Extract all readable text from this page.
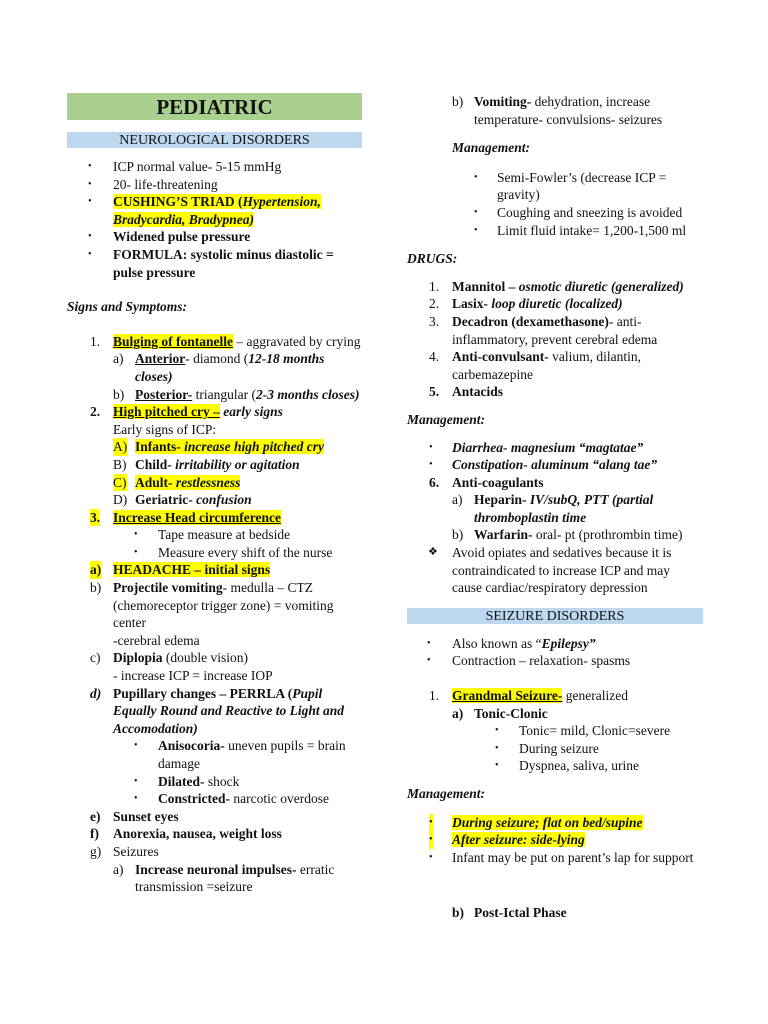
PEDIATRIC
NEUROLOGICAL DISORDERS
• ICP normal value- 5-15 mmHg
• 20- life-threatening
• CUSHING’S TRIAD (Hypertension, Bradycardia, Bradypnea)
• Widened pulse pressure
• FORMULA: systolic minus diastolic = pulse pressure
Signs and Symptoms:
1. Bulging of fontanelle – aggravated by crying
a) Anterior- diamond (12-18 months closes)
b) Posterior- triangular (2-3 months closes)
2. High pitched cry – early signs
Early signs of ICP:
A) Infants- increase high pitched cry
B) Child- irritability or agitation
C) Adult- restlessness
D) Geriatric- confusion
3. Increase Head circumference
• Tape measure at bedside
• Measure every shift of the nurse
a) HEADACHE – initial signs
b) Projectile vomiting- medulla – CTZ (chemoreceptor trigger zone) = vomiting center
-cerebral edema
c) Diplopia (double vision)
- increase ICP = increase IOP
d) Pupillary changes – PERRLA (Pupil Equally Round and Reactive to Light and Accomodation)
• Anisocoria- uneven pupils = brain damage
• Dilated- shock
• Constricted- narcotic overdose
e) Sunset eyes
f) Anorexia, nausea, weight loss
g) Seizures
a) Increase neuronal impulses- erratic transmission =seizure
b) Vomiting- dehydration, increase temperature- convulsions- seizures
Management:
• Semi-Fowler’s (decrease ICP = gravity)
• Coughing and sneezing is avoided
• Limit fluid intake= 1,200-1,500 ml
DRUGS:
1. Mannitol – osmotic diuretic (generalized)
2. Lasix- loop diuretic (localized)
3. Decadron (dexamethasone)- anti-inflammatory, prevent cerebral edema
4. Anti-convulsant- valium, dilantin, carbemazepine
5. Antacids
Management:
• Diarrhea- magnesium “magtatae”
• Constipation- aluminum “alang tae”
6. Anti-coagulants
a) Heparin- IV/subQ, PTT (partial thromboplastin time
b) Warfarin- oral- pt (prothrombin time)
❖ Avoid opiates and sedatives because it is contraindicated to increase ICP and may cause cardiac/respiratory depression
SEIZURE DISORDERS
• Also known as “Epilepsy”
• Contraction – relaxation- spasms
1. Grandmal Seizure- generalized
a) Tonic-Clonic
• Tonic= mild, Clonic=severe
• During seizure
• Dyspnea, saliva, urine
Management:
• During seizure; flat on bed/supine
• After seizure: side-lying
• Infant may be put on parent’s lap for support
b) Post-Ictal Phase
